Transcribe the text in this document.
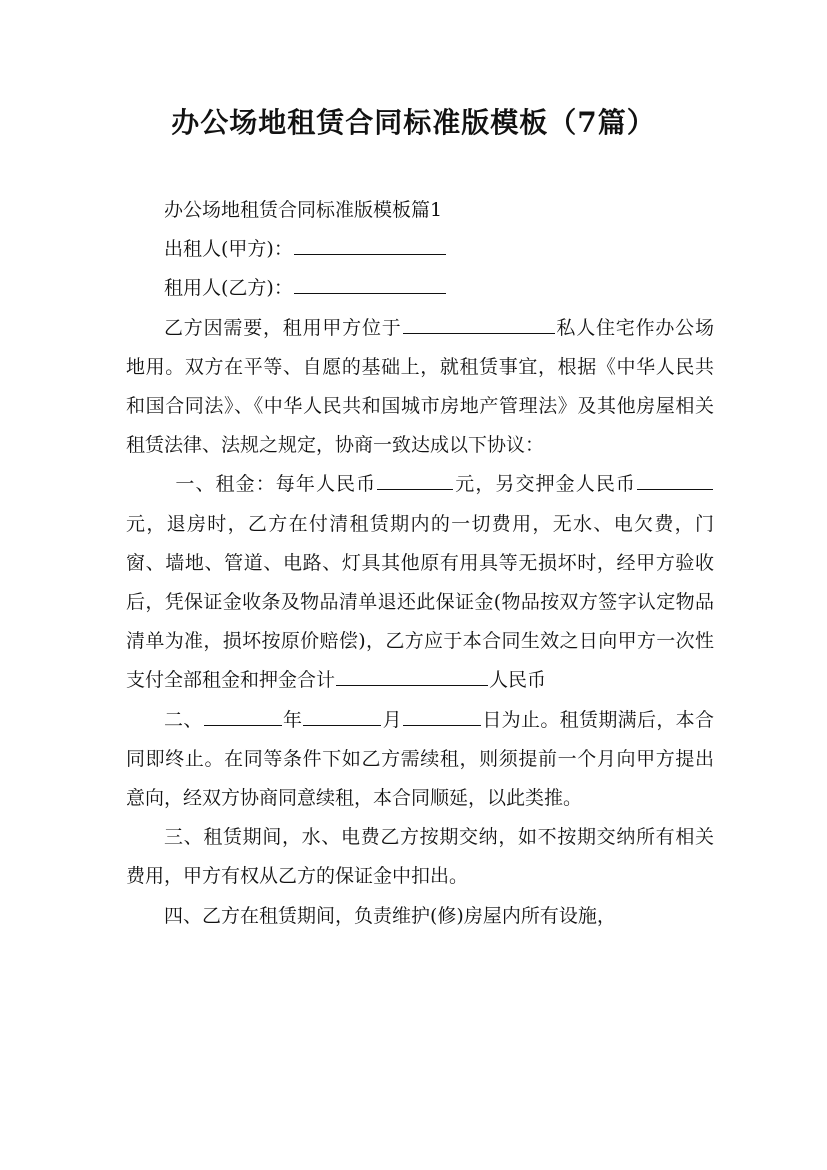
办公场地租赁合同标准版模板（7篇）

办公场地租赁合同标准版模板篇1

出租人(甲方)：

租用人(乙方)：

乙方因需要，租用甲方位于	私人住宅作办公场地用。双方在平等、自愿的基础上，就租赁事宜，根据《中华人民共和国合同法》、《中华人民共和国城市房地产管理法》及其他房屋相关租赁法律、法规之规定，协商一致达成以下协议：

一、租金：每年人民币	元，另交押金人民币元，退房时，乙方在付清租赁期内的一切费用，无水、电欠费，门窗、墙地、管道、电路、灯具其他原有用具等无损坏时，经甲方验收后，凭保证金收条及物品清单退还此保证金(物品按双方签字认定物品清单为准，损坏按原价赔偿)，乙方应于本合同生效之日向甲方一次性支付全部租金和押金合计	人民币

二、	年	月	日为止。租赁期满后，本合同即终止。在同等条件下如乙方需续租，则须提前一个月向甲方提出意向，经双方协商同意续租，本合同顺延，以此类推。

三、租赁期间，水、电费乙方按期交纳，如不按期交纳所有相关费用，甲方有权从乙方的保证金中扣出。

四、乙方在租赁期间，负责维护(修)房屋内所有设施，
